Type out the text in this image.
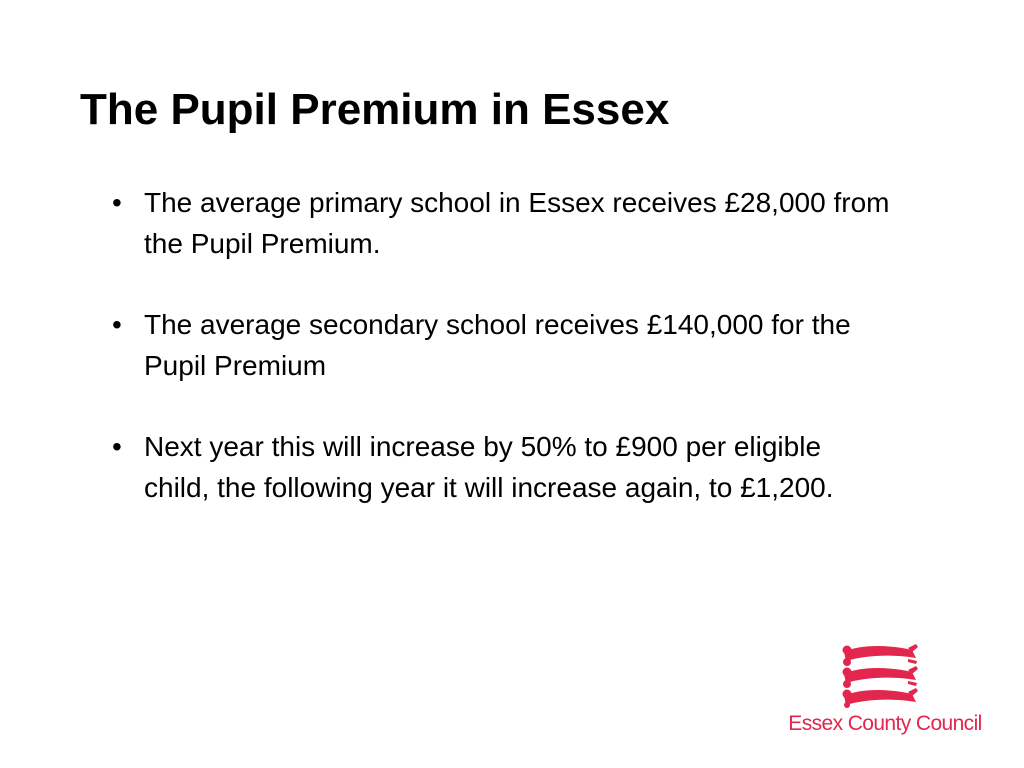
The Pupil Premium in Essex
• The average primary school in Essex receives £28,000 from the Pupil Premium.
• The average secondary school receives £140,000 for the Pupil Premium
• Next year this will increase by 50% to £900 per eligible child, the following year it will increase again, to £1,200.
Essex County Council
